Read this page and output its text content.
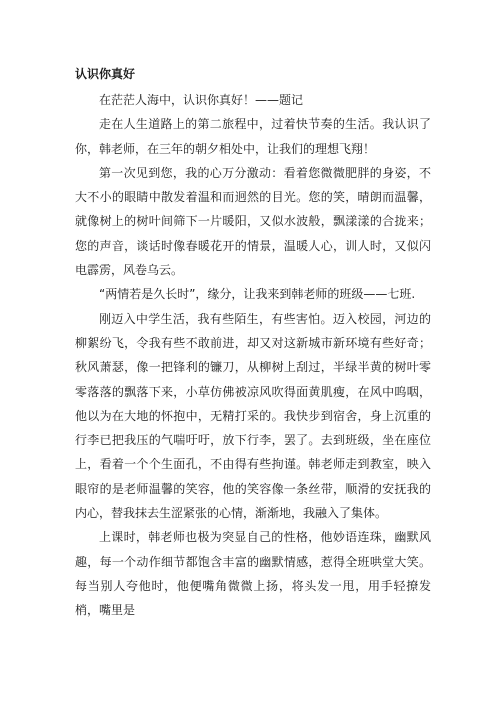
认识你真好

在茫茫人海中，认识你真好！——题记

走在人生道路上的第二旅程中，过着快节奏的生活。我认识了你，韩老师，在三年的朝夕相处中，让我们的理想飞翔！

第一次见到您，我的心万分激动：看着您微微肥胖的身姿，不大不小的眼睛中散发着温和而迥然的目光。您的笑，晴朗而温馨，就像树上的树叶间筛下一片暖阳，又似水波般，飘漾漾的合拢来；您的声音，谈话时像春暖花开的情景，温暖人心，训人时，又似闪电霹雳，风卷乌云。

“两情若是久长时”，缘分，让我来到韩老师的班级——七班.

刚迈入中学生活，我有些陌生，有些害怕。迈入校园，河边的柳絮纷飞，令我有些不敢前进，却又对这新城市新环境有些好奇；秋风萧瑟，像一把锋利的镰刀，从柳树上刮过，半绿半黄的树叶零零落落的飘落下来，小草仿佛被凉风吹得面黄肌瘦，在风中呜咽，他以为在大地的怀抱中，无精打采的。我快步到宿舍，身上沉重的行李已把我压的气喘吁吁，放下行李，罢了。去到班级，坐在座位上，看着一个个生面孔，不由得有些拘谨。韩老师走到教室，映入眼帘的是老师温馨的笑容，他的笑容像一条丝带，顺滑的安抚我的内心，替我抹去生涩紧张的心情，渐渐地，我融入了集体。

上课时，韩老师也极为突显自己的性格，他妙语连珠，幽默风趣，每一个动作细节都饱含丰富的幽默情感，惹得全班哄堂大笑。每当别人夸他时，他便嘴角微微上扬，将头发一甩，用手轻撩发梢，嘴里是
